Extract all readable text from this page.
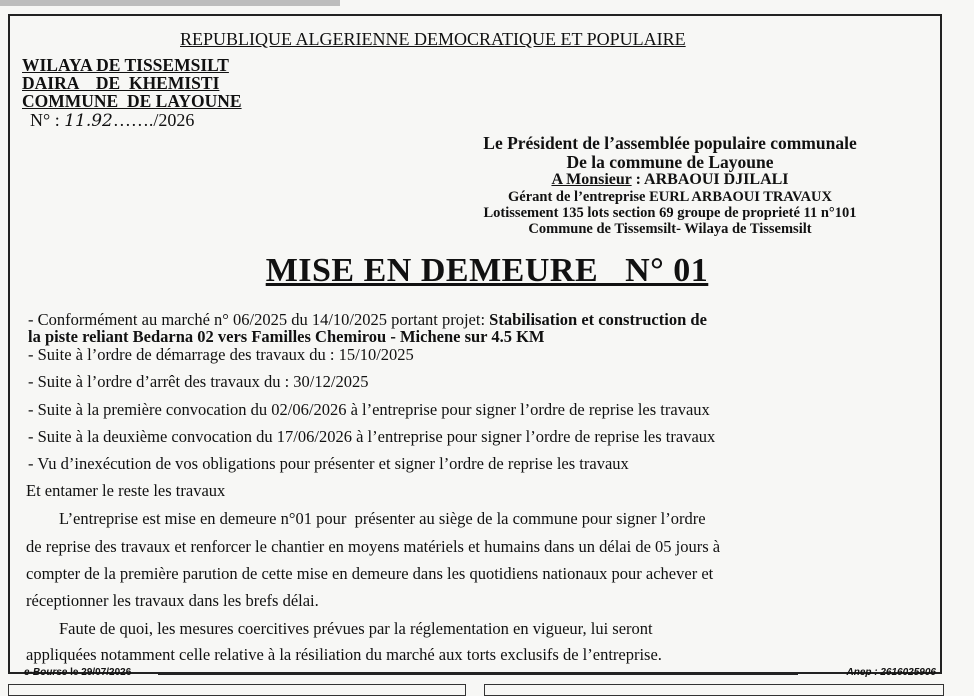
REPUBLIQUE ALGERIENNE DEMOCRATIQUE ET POPULAIRE
WILAYA DE TISSEMSILT
DAIRA    DE  KHEMISTI
COMMUNE  DE LAYOUNE
N° : 11.92……./2026
Le Président de l’assemblée populaire communale
De la commune de Layoune
A Monsieur : ARBAOUI DJILALI
Gérant de l’entreprise EURL ARBAOUI TRAVAUX
Lotissement 135 lots section 69 groupe de proprieté 11 n°101
Commune de Tissemsilt- Wilaya de Tissemsilt
MISE EN DEMEURE   N° 01
- Conformément au marché n° 06/2025 du 14/10/2025 portant projet: Stabilisation et construction de
la piste reliant Bedarna 02 vers Familles Chemirou - Michene sur 4.5 KM
- Suite à l’ordre de démarrage des travaux du : 15/10/2025
- Suite à l’ordre d’arrêt des travaux du : 30/12/2025
- Suite à la première convocation du 02/06/2026 à l’entreprise pour signer l’ordre de reprise les travaux
- Suite à la deuxième convocation du 17/06/2026 à l’entreprise pour signer l’ordre de reprise les travaux
- Vu d’inexécution de vos obligations pour présenter et signer l’ordre de reprise les travaux
Et entamer le reste les travaux
L’entreprise est mise en demeure n°01 pour  présenter au siège de la commune pour signer l’ordre
de reprise des travaux et renforcer le chantier en moyens matériels et humains dans un délai de 05 jours à
compter de la première parution de cette mise en demeure dans les quotidiens nationaux pour achever et
réceptionner les travaux dans les brefs délai.
Faute de quoi, les mesures coercitives prévues par la réglementation en vigueur, lui seront
appliquées notamment celle relative à la résiliation du marché aux torts exclusifs de l’entreprise.
e-Bourse le 29/07/2026	Anep : 2616025906
